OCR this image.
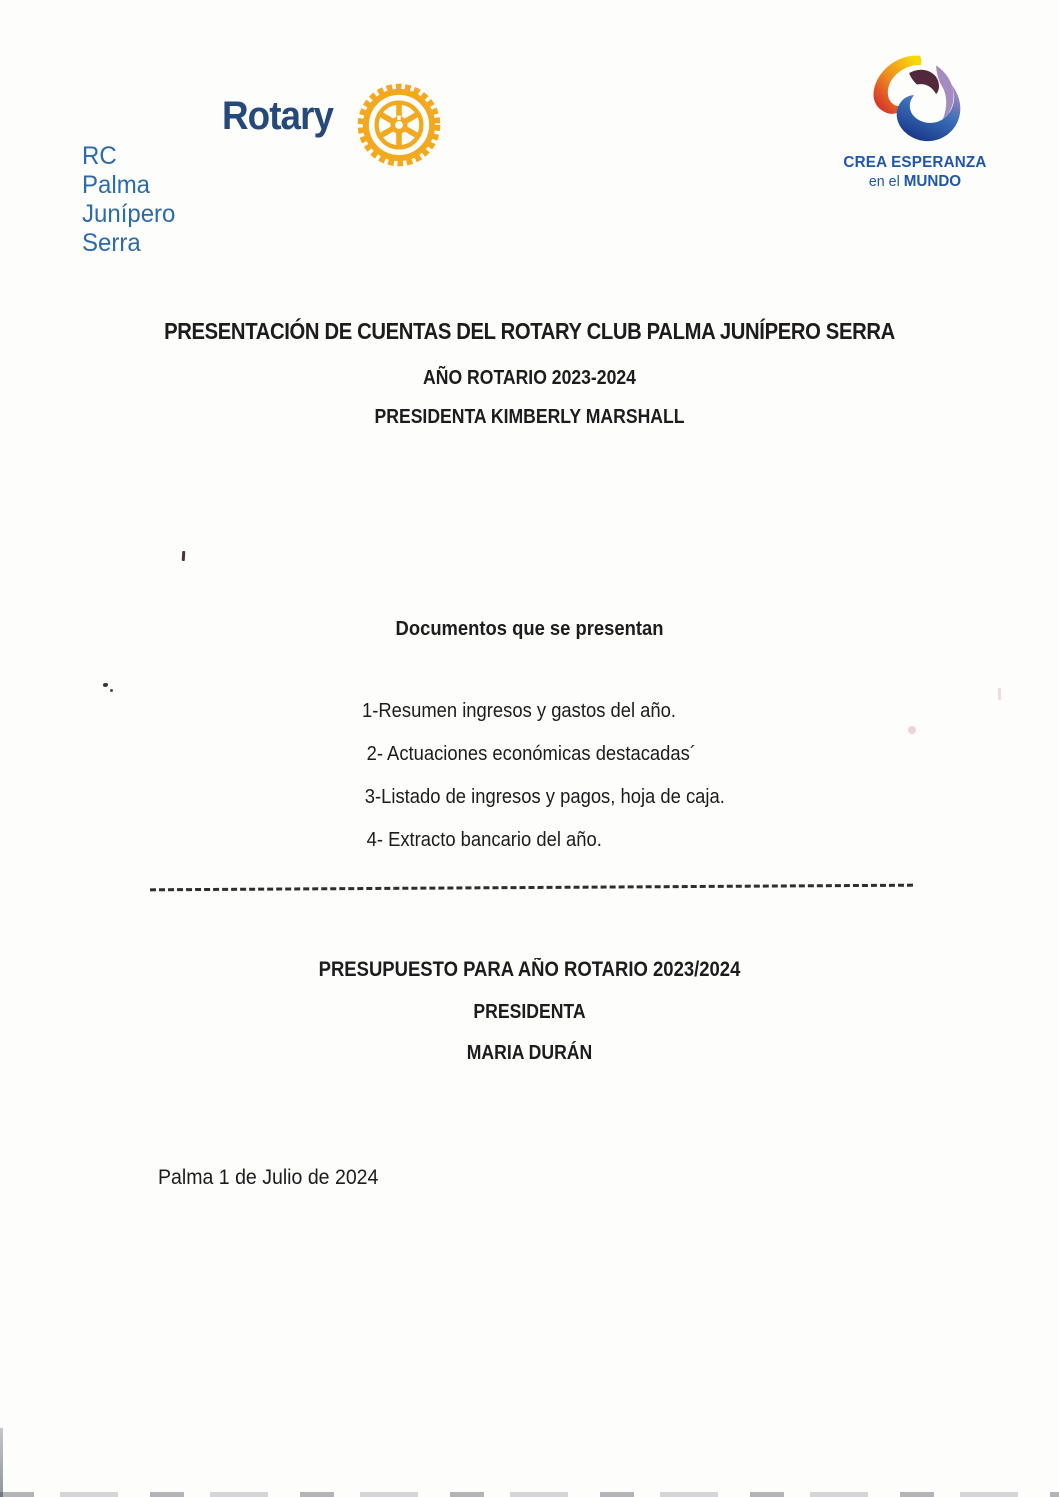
Rotary
RC Palma Junípero Serra
CREA ESPERANZA
en el MUNDO
PRESENTACIÓN DE CUENTAS DEL ROTARY CLUB PALMA JUNÍPERO SERRA
AÑO ROTARIO 2023-2024
PRESIDENTA KIMBERLY MARSHALL
Documentos que se presentan
1-Resumen ingresos y gastos del año.
2- Actuaciones económicas destacadas´
3-Listado de ingresos y pagos, hoja de caja.
4- Extracto bancario del año.
PRESUPUESTO PARA AÑO ROTARIO 2023/2024
PRESIDENTA
MARIA DURÁN
Palma 1 de Julio de 2024
